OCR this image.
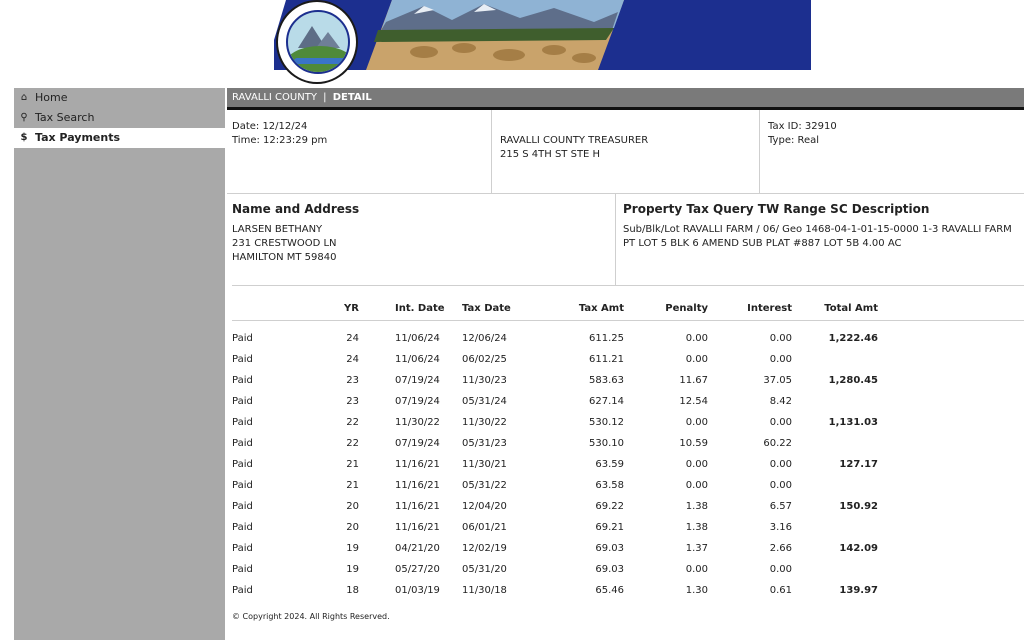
⌂ Home
⚲ Tax Search
$ Tax Payments
RAVALLI COUNTY | DETAIL
Date: 12/12/24
Time: 12:23:29 pm	RAVALLI COUNTY TREASURER
215 S 4TH ST STE H
Tax ID: 32910
Type: Real
Name and Address
LARSEN BETHANY
231 CRESTWOOD LN
HAMILTON MT 59840
Property Tax Query TW Range SC Description
Sub/Blk/Lot RAVALLI FARM / 06/ Geo 1468-04-1-01-15-0000 1-3 RAVALLI FARM
PT LOT 5 BLK 6 AMEND SUB PLAT #887 LOT 5B 4.00 AC
	YR	Int. Date	Tax Date	Tax Amt	Penalty	Interest	Total Amt	
Paid	24	11/06/24	12/06/24	611.25	0.00	0.00	1,222.46	
Paid	24	11/06/24	06/02/25	611.21	0.00	0.00		
Paid	23	07/19/24	11/30/23	583.63	11.67	37.05	1,280.45	
Paid	23	07/19/24	05/31/24	627.14	12.54	8.42		
Paid	22	11/30/22	11/30/22	530.12	0.00	0.00	1,131.03	
Paid	22	07/19/24	05/31/23	530.10	10.59	60.22		
Paid	21	11/16/21	11/30/21	63.59	0.00	0.00	127.17	
Paid	21	11/16/21	05/31/22	63.58	0.00	0.00		
Paid	20	11/16/21	12/04/20	69.22	1.38	6.57	150.92	
Paid	20	11/16/21	06/01/21	69.21	1.38	3.16		
Paid	19	04/21/20	12/02/19	69.03	1.37	2.66	142.09	
Paid	19	05/27/20	05/31/20	69.03	0.00	0.00		
Paid	18	01/03/19	11/30/18	65.46	1.30	0.61	139.97	
© Copyright 2024. All Rights Reserved.
